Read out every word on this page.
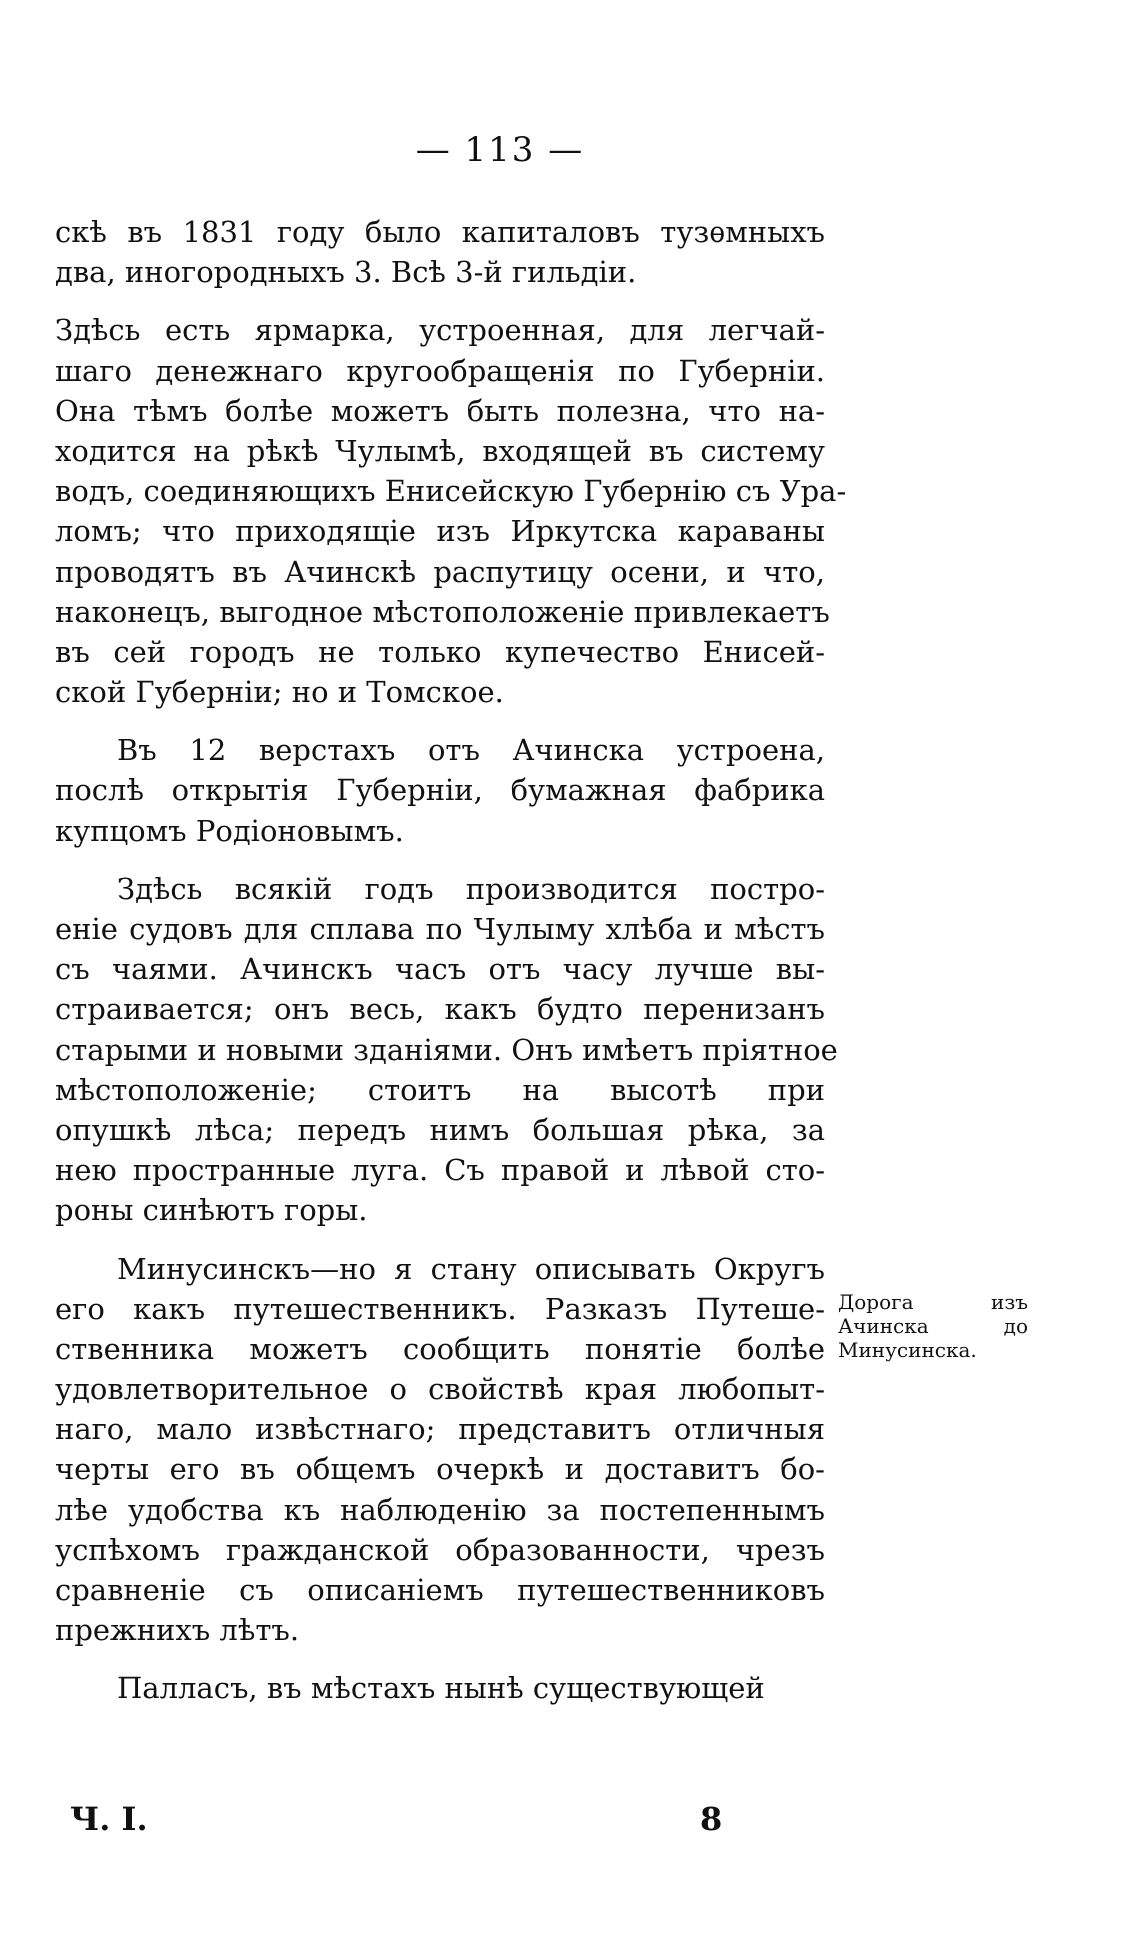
— 113 —
скѣ въ 1831 году было капиталовъ тузѳмныхъ
два, иногородныхъ 3. Всѣ 3-й гильдiи.
Здѣсь есть ярмарка, устроенная, для легчай-
шаго денежнаго кругообращенія по Губерніи.
Она тѣмъ болѣе можетъ быть полезна, что на-
ходится на рѣкѣ Чулымѣ, входящей въ систему
водъ, соединяющихъ Енисейскую Губернію съ Ура-
ломъ; что приходящіе изъ Иркутска караваны
проводятъ въ Ачинскѣ распутицу осени, и что,
наконецъ, выгодное мѣстоположеніе привлекаетъ
въ сей городъ не только купечество Енисей-
ской Губерніи; но и Томское.
Въ 12 верстахъ отъ Ачинска устроена,
послѣ открытія Губерніи, бумажная фабрика
купцомъ Родіоновымъ.
Здѣсь всякій годъ производится постро-
еніе судовъ для сплава по Чулыму хлѣба и мѣстъ
съ чаями. Ачинскъ часъ отъ часу лучше вы-
страивается; онъ весь, какъ будто перенизанъ
старыми и новыми зданіями. Онъ имѣетъ пріятное
мѣстоположеніе; стоитъ на высотѣ при
опушкѣ лѣса; передъ нимъ большая рѣка, за
нею пространные луга. Съ правой и лѣвой сто-
роны синѣютъ горы.
Минусинскъ—но я стану описывать Округъ
его какъ путешественникъ. Разказъ Путеше-
ственника можетъ сообщить понятіе болѣе
удовлетворительное о свойствѣ края любопыт-
наго, мало извѣстнаго; представитъ отличныя
черты его въ общемъ очеркѣ и доставитъ бо-
лѣе удобства къ наблюденію за постепеннымъ
успѣхомъ гражданской образованности, чрезъ
сравненіе съ описаніемъ путешественниковъ
прежнихъ лѣтъ.
Палласъ, въ мѣстахъ нынѣ существующей
Дорога изъ
Ачинска до
Минусинска.
Ч. I.	8
